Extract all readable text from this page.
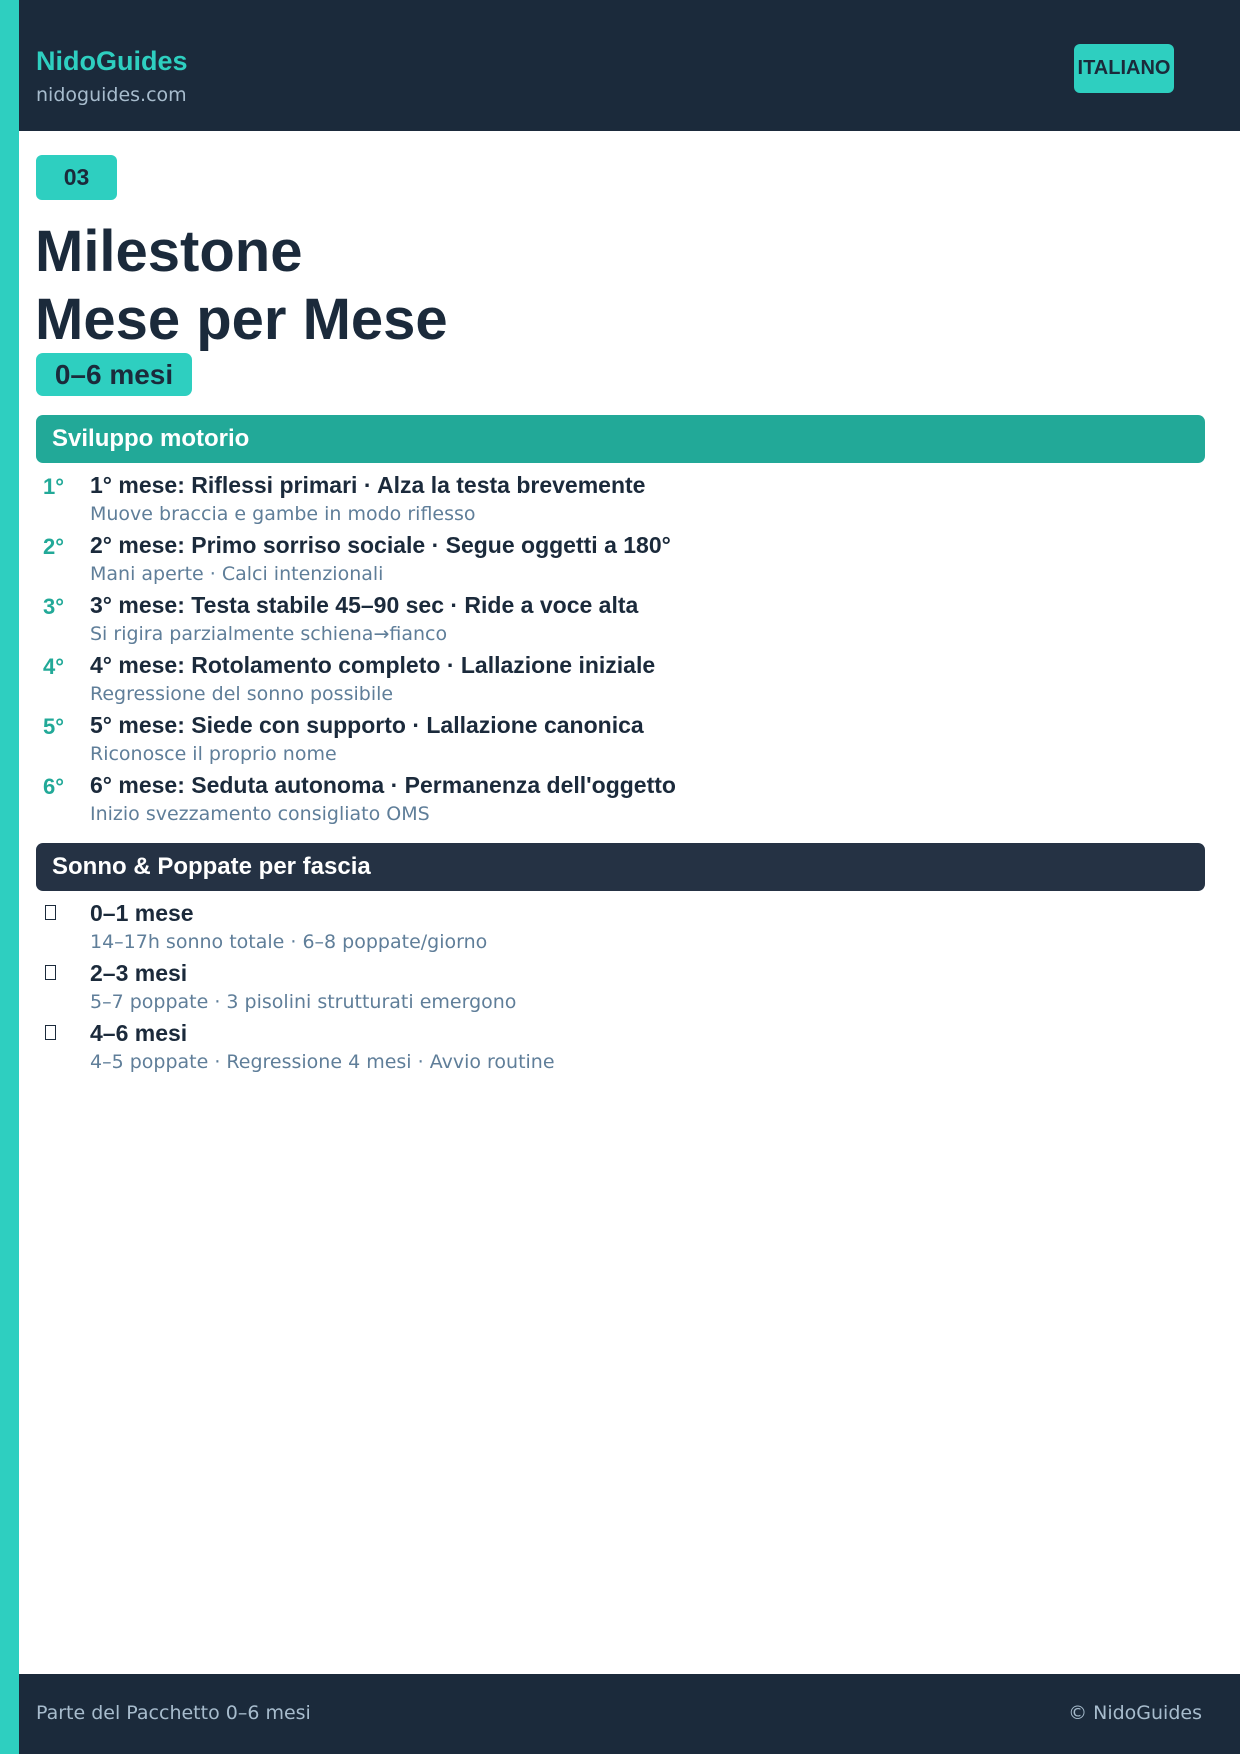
NidoGuides
nidoguides.com
ITALIANO
03
Milestone
Mese per Mese
0–6 mesi
Sviluppo motorio
1° 1° mese: Riflessi primari · Alza la testa brevemente
Muove braccia e gambe in modo riflesso
2° 2° mese: Primo sorriso sociale · Segue oggetti a 180°
Mani aperte · Calci intenzionali
3° 3° mese: Testa stabile 45–90 sec · Ride a voce alta
Si rigira parzialmente schiena→fianco
4° 4° mese: Rotolamento completo · Lallazione iniziale
Regressione del sonno possibile
5° 5° mese: Siede con supporto · Lallazione canonica
Riconosce il proprio nome
6° 6° mese: Seduta autonoma · Permanenza dell'oggetto
Inizio svezzamento consigliato OMS
Sonno & Poppate per fascia
0–1 mese
14–17h sonno totale · 6–8 poppate/giorno
2–3 mesi
5–7 poppate · 3 pisolini strutturati emergono
4–6 mesi
4–5 poppate · Regressione 4 mesi · Avvio routine
Parte del Pacchetto 0–6 mesi	© NidoGuides
